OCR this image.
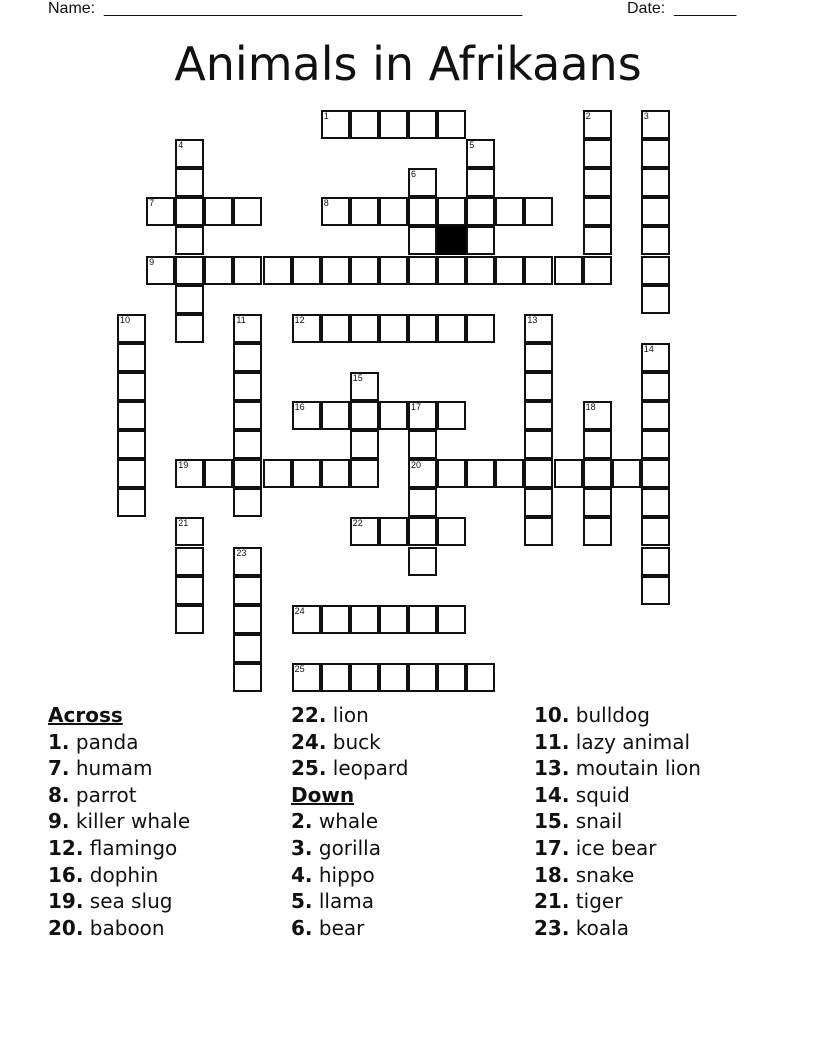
Name: _______________________________________________	Date: _______
Animals in Afrikaans
1	2	3
4	5
6
7	8
9
10	11	12	13
14
15
16	17
20
18
19
21	22
23
24
25
Across
1. panda
7. humam
8. parrot
9. killer whale
12. flamingo
16. dophin
19. sea slug
20. baboon
22. lion
24. buck
25. leopard
Down
2. whale
3. gorilla
4. hippo
5. llama
6. bear
10. bulldog
11. lazy animal
13. moutain lion
14. squid
15. snail
17. ice bear
18. snake
21. tiger
23. koala
